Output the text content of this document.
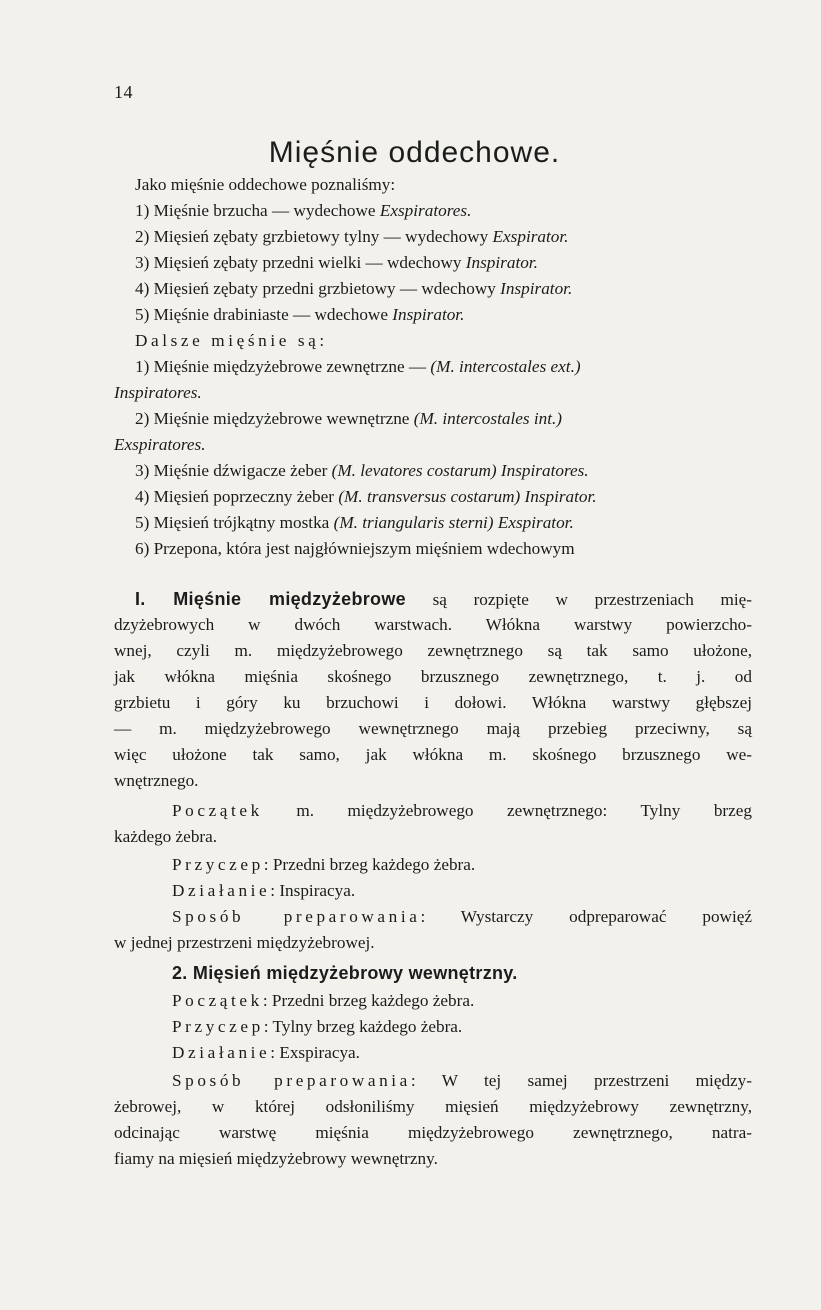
14
Mięśnie oddechowe.
Jako mięśnie oddechowe poznaliśmy:
1) Mięśnie brzucha — wydechowe Exspiratores.
2) Mięsień zębaty grzbietowy tylny — wydechowy Exspirator.
3) Mięsień zębaty przedni wielki — wdechowy Inspirator.
4) Mięsień zębaty przedni grzbietowy — wdechowy Inspirator.
5) Mięśnie drabiniaste — wdechowe Inspirator.
Dalsze mięśnie są:
1) Mięśnie międzyżebrowe zewnętrzne — (M. intercostales ext.)
Inspiratores.
2) Mięśnie międzyżebrowe wewnętrzne (M. intercostales int.)
Exspiratores.
3) Mięśnie dźwigacze żeber (M. levatores costarum) Inspiratores.
4) Mięsień poprzeczny żeber (M. transversus costarum) Inspirator.
5) Mięsień trójkątny mostka (M. triangularis sterni) Exspirator.
6) Przepona, która jest najgłówniejszym mięśniem wdechowym
I. Mięśnie międzyżebrowe są rozpięte w przestrzeniach mię-
dzyżebrowych w dwóch warstwach. Włókna warstwy powierzcho-
wnej, czyli m. międzyżebrowego zewnętrznego są tak samo ułożone,
jak włókna mięśnia skośnego brzusznego zewnętrznego, t. j. od
grzbietu i góry ku brzuchowi i dołowi. Włókna warstwy głębszej
— m. międzyżebrowego wewnętrznego mają przebieg przeciwny, są
więc ułożone tak samo, jak włókna m. skośnego brzusznego we-
wnętrznego.
Początek m. międzyżebrowego zewnętrznego: Tylny brzeg
każdego żebra.
Przyczep: Przedni brzeg każdego żebra.
Działanie: Inspiracya.
Sposób preparowania: Wystarczy odpreparować powięź
w jednej przestrzeni międzyżebrowej.
2. Mięsień międzyżebrowy wewnętrzny.
Początek: Przedni brzeg każdego żebra.
Przyczep: Tylny brzeg każdego żebra.
Działanie: Exspiracya.
Sposób preparowania: W tej samej przestrzeni między-
żebrowej, w której odsłoniliśmy mięsień międzyżebrowy zewnętrzny,
odcinając warstwę mięśnia międzyżebrowego zewnętrznego, natra-
fiamy na mięsień międzyżebrowy wewnętrzny.
